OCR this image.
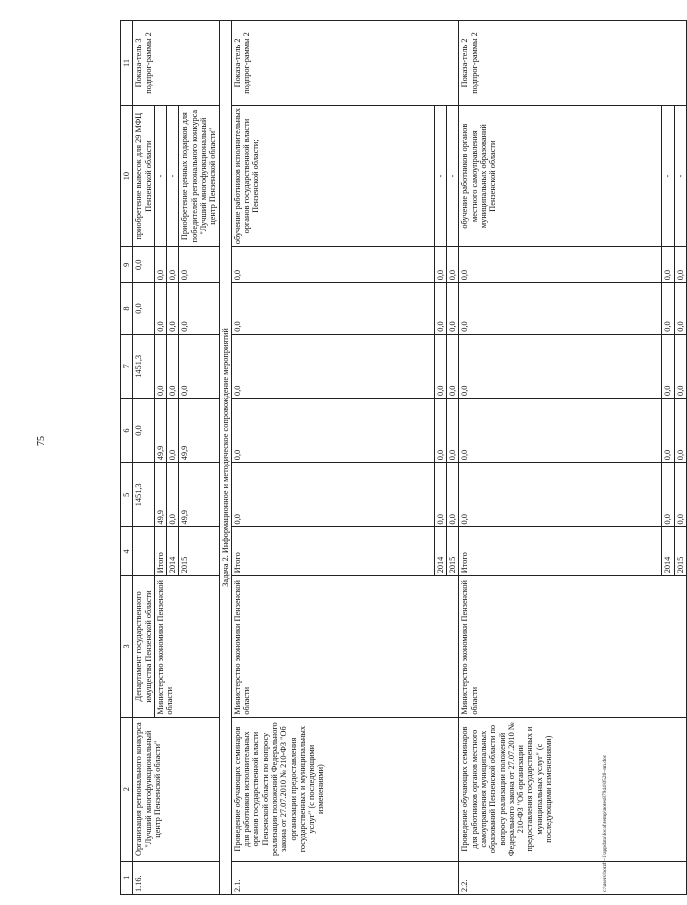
75
1	2	3	4	5	6	7	8	9	10	11
1.16.	Организация регионального конкурса "Лучший многофункциональный центр Пензенской области"	Департамент государственного имущества Пензенской области		1451,3	0,0	1451,3	0,0	0,0	приобретение вывесок для 29 МФЦ Пензенской области	Показа-тель 3 подпрог-раммы 2
		Министерство экономики Пензенской области								
			Итого	49,9	49,9	0,0	0,0	0,0	-	
			2014	0,0	0,0	0,0	0,0	0,0	-	
			2015	49,9	49,9	0,0	0,0	0,0	Приобретение ценных подарков для победителей регионального конкурса "Лучший многофункциональный центр Пензенской области"	
Задача 2. Информационное и методическое сопровождение мероприятий										
2.1.	Проведение обучающих семинаров для работников исполнительных органов государственной власти Пензенской области по вопросу реализации положений Федерального закона от 27.07.2010 № 210-ФЗ "Об организации предоставления государственных и муниципальных услуг" (с последующими изменениями)	Министерство экономики Пензенской области	Итого	0,0	0,0	0,0	0,0	0,0	обучение работников исполнительных органов государственной власти Пензенской области;	Показа-тель 2 подпрог-раммы 2
			2014	0,0	0,0	0,0	0,0	0,0	-	
			2015	0,0	0,0	0,0	0,0	0,0	-	
2.2.	Проведение обучающих семинаров для работников органов местного самоуправления муниципальных образований Пензенской области по вопросу реализации положений Федерального закона от 27.07.2010 № 210-ФЗ "Об организации предоставления государственных и муниципальных услуг" (с последующими изменениями)	Министерство экономики Пензенской области	Итого	0,0	0,0	0,0	0,0	0,0	обучение работников органов местного самоуправления муниципальных образований Пензенской области	Показа-тель 2 подпрог-раммы 2
			2014	0,0	0,0	0,0	0,0	0,0	-	
			2015	0,0	0,0	0,0	0,0	0,0	-	
c:\users\borzh~1\appdata\local\temp\notes87944\0520~nn.doc
